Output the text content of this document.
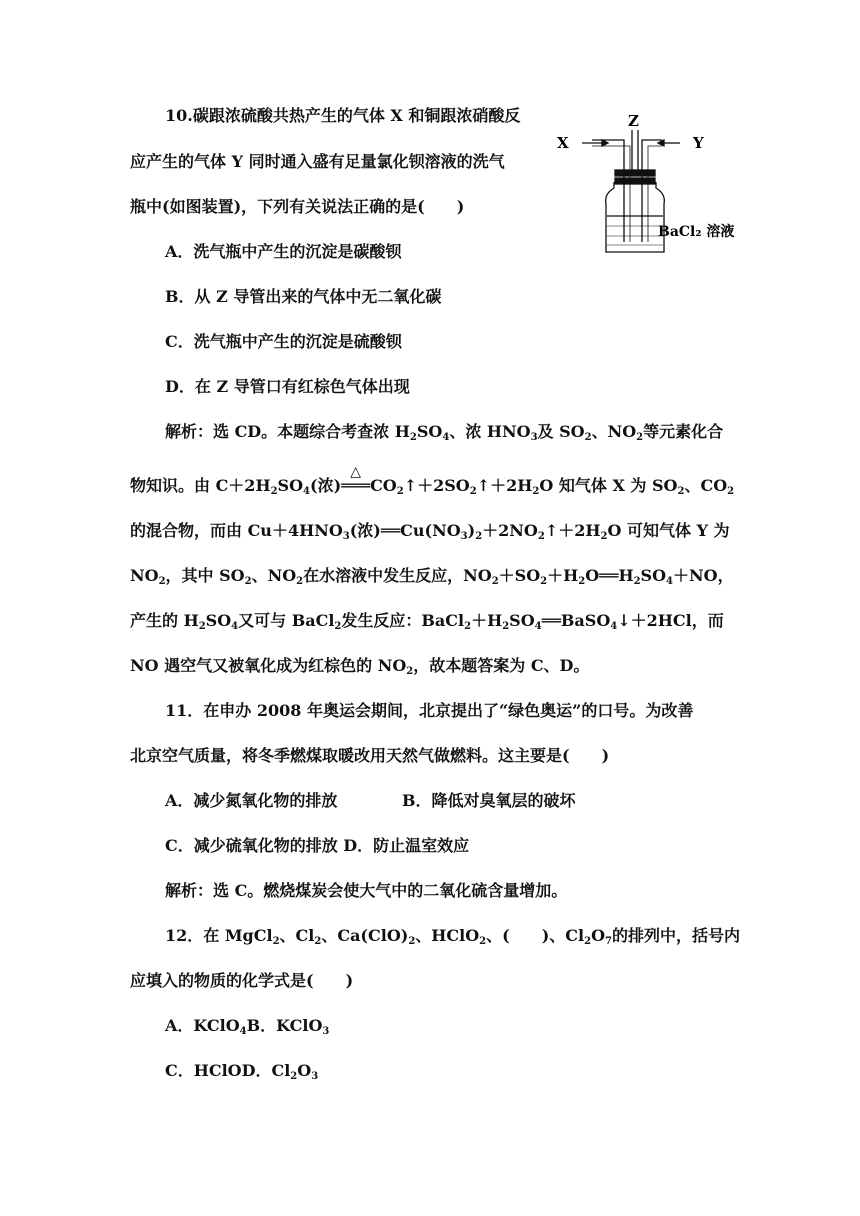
10.碳跟浓硫酸共热产生的气体 X 和铜跟浓硝酸反
应产生的气体 Y 同时通入盛有足量氯化钡溶液的洗气
瓶中(如图装置)，下列有关说法正确的是(　　)
A．洗气瓶中产生的沉淀是碳酸钡
B．从 Z 导管出来的气体中无二氧化碳
C．洗气瓶中产生的沉淀是硫酸钡
D．在 Z 导管口有红棕色气体出现
X	Y
Z
BaCl₂ 溶液
解析：选 CD。本题综合考查浓 $H_2SO_4$、浓 $HNO_3$及 $SO_2$、$NO_2$等元素化合
物知识。由 $C+2H_2SO_4$(浓)
△
$═══CO_2↑+2SO_2↑+2H_2O$ 知气体 X 为 $SO_2$、$CO_2$
的混合物，而由 $Cu+4HNO_3$(浓)$══Cu(NO_3)_2+2NO_2↑+2H_2O$ 可知气体 Y 为
$NO_2$，其中 $SO_2$、$NO_2$在水溶液中发生反应，$NO_2+SO_2+H_2O══H_2SO_4+NO$，
产生的 $H_2SO_4$又可与 BaCl$_2$发生反应：$BaCl_2+H_2SO_4══BaSO_4↓+2HCl$，而
NO 遇空气又被氧化成为红棕色的 $NO_2$，故本题答案为 C、D。
11．在申办 2008 年奥运会期间，北京提出了“绿色奥运”的口号。为改善
北京空气质量，将冬季燃煤取暖改用天然气做燃料。这主要是(　　)
A．减少氮氧化物的排放	B．降低对臭氧层的破坏
C．减少硫氧化物的排放 D．防止温室效应
解析：选 C。燃烧煤炭会使大气中的二氧化硫含量增加。
12．在 MgCl$_2$、$Cl_2$、$Ca(ClO)_2$、HClO$_2$、(　　)、$Cl_2O_7$的排列中，括号内
应填入的物质的化学式是(　　)
A．KClO$_4$B．KClO$_3$
C．HClOD．$Cl_2O_3$
